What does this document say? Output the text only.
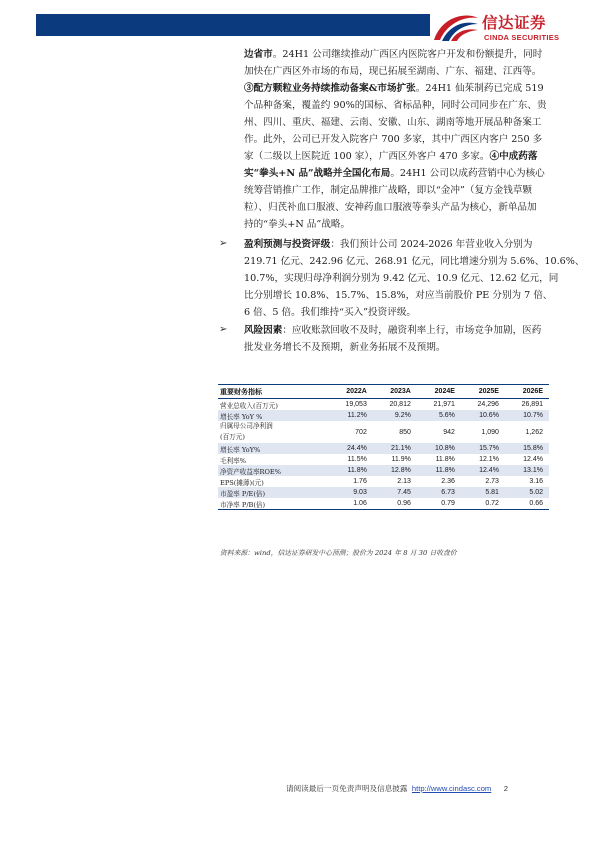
信达证券
CINDA SECURITIES
边省市。24H1 公司继续推动广西区内医院客户开发和份额提升，同时
加快在广西区外市场的布局，现已拓展至湖南、广东、福建、江西等。
③配方颗粒业务持续推动备案&市场扩张。24H1 仙茱制药已完成 519
个品种备案，覆盖约 90%的国标、省标品种，同时公司同步在广东、贵
州、四川、重庆、福建、云南、安徽、山东、湖南等地开展品种备案工
作。此外，公司已开发入院客户 700 多家，其中广西区内客户 250 多
家（二级以上医院近 100 家），广西区外客户 470 多家。④中成药落
实“拳头+N 品”战略并全国化布局。24H1 公司以成药营销中心为核心
统筹营销推广工作，制定品牌推广战略，即以“金冲”（复方金钱草颗
粒）、归芪补血口服液、安神药血口服液等拳头产品为核心，新单品加
持的“拳头+N 品”战略。
➢ 盈利预测与投资评级：我们预计公司 2024-2026 年营业收入分别为
219.71 亿元、242.96 亿元、268.91 亿元，同比增速分别为 5.6%、10.6%、
10.7%，实现归母净利润分别为 9.42 亿元、10.9 亿元、12.62 亿元，同
比分别增长 10.8%、15.7%、15.8%，对应当前股价 PE 分别为 7 倍、
6 倍、5 倍。我们维持“买入”投资评级。
➢ 风险因素：应收账款回收不及时，融资利率上行，市场竞争加剧，医药
批发业务增长不及预期，新业务拓展不及预期。
重要财务指标	2022A	2023A	2024E	2025E	2026E
营业总收入(百万元)	19,053	20,812	21,971	24,296	26,891
增长率 YoY %	11.2%	9.2%	5.6%	10.6%	10.7%
归属母公司净利润
(百万元)	702	850	942	1,090	1,262
增长率 YoY%	24.4%	21.1%	10.8%	15.7%	15.8%
毛利率%	11.5%	11.9%	11.8%	12.1%	12.4%
净资产收益率ROE%	11.8%	12.8%	11.8%	12.4%	13.1%
EPS(摊薄)(元)	1.76	2.13	2.36	2.73	3.16
市盈率 P/E(倍)	9.03	7.45	6.73	5.81	5.02
市净率 P/B(倍)	1.06	0.96	0.79	0.72	0.66
资料来源：wind，信达证券研发中心预测；股价为 2024 年 8 月 30 日收盘价
请阅读最后一页免责声明及信息披露 http://www.cindasc.com 2
